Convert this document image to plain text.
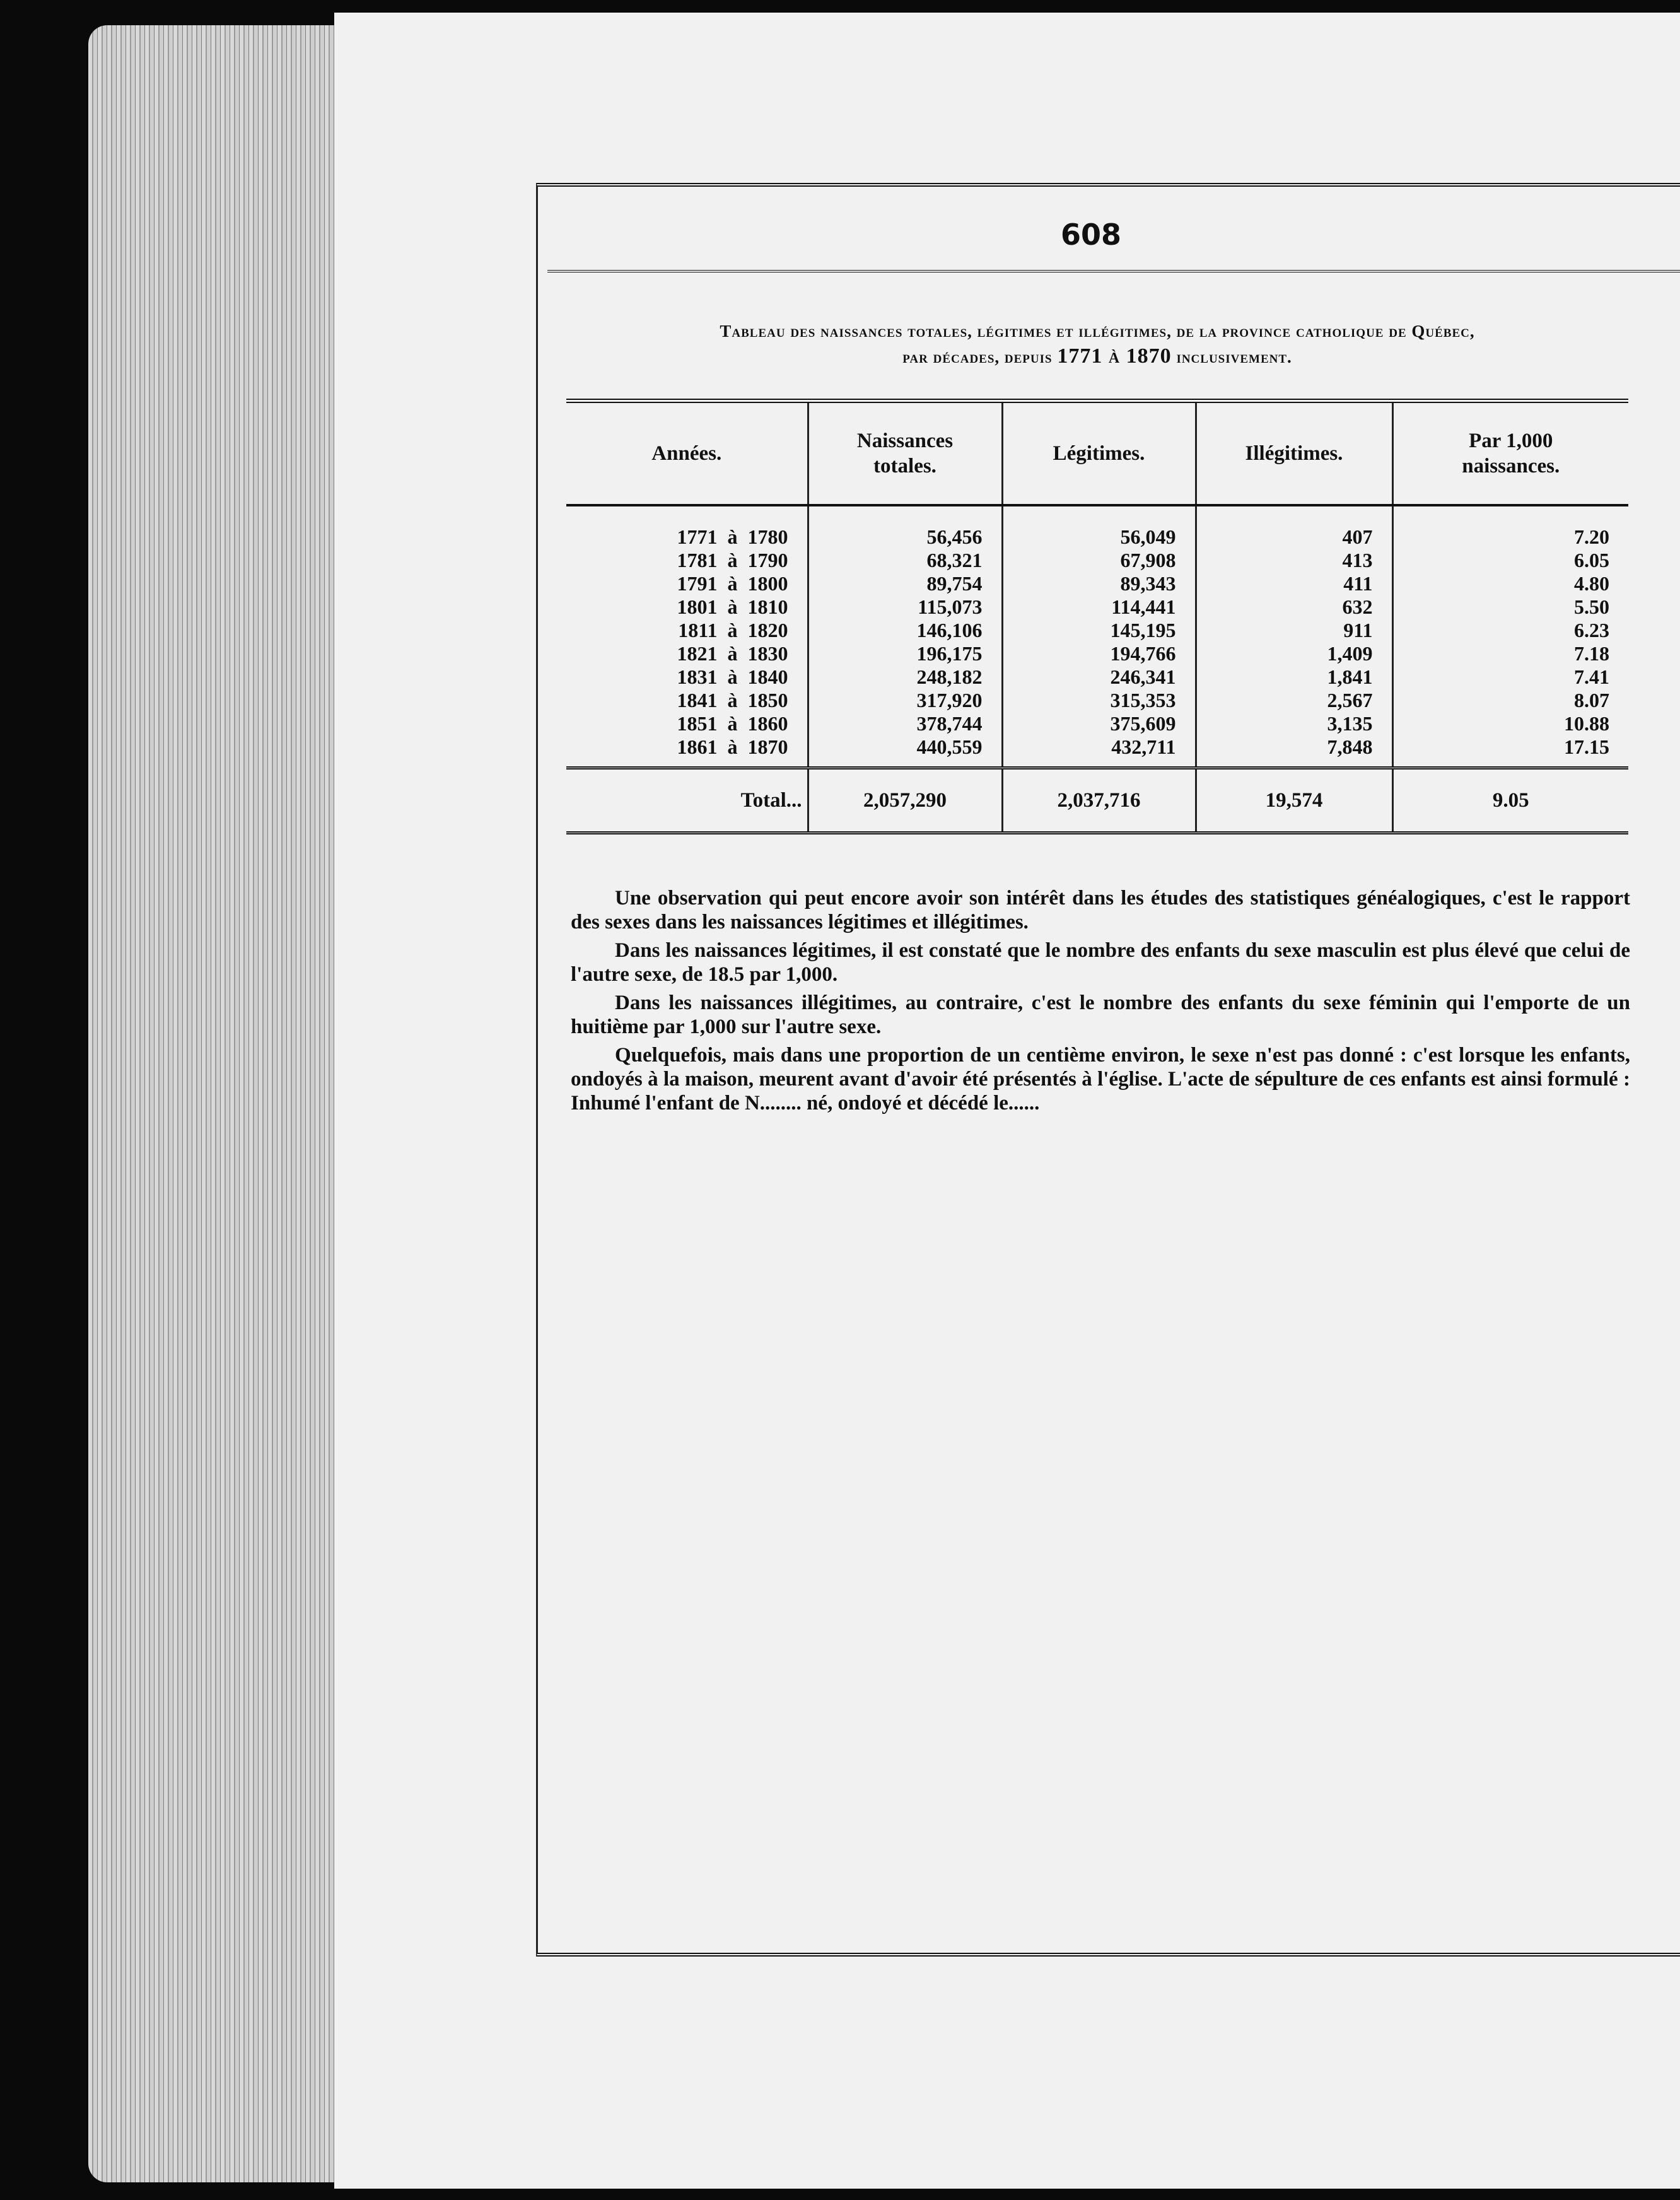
608
Tableau des naissances totales, légitimes et illégitimes, de la province catholique de Québec,
par décades, depuis 1771 à 1870 inclusivement.
Années.	Naissances totales.	Légitimes.	Illégitimes.	Par 1,000 naissances.
1771  à  1780	56,456	56,049	407	7.20
1781  à  1790	68,321	67,908	413	6.05
1791  à  1800	89,754	89,343	411	4.80
1801  à  1810	115,073	114,441	632	5.50
1811  à  1820	146,106	145,195	911	6.23
1821  à  1830	196,175	194,766	1,409	7.18
1831  à  1840	248,182	246,341	1,841	7.41
1841  à  1850	317,920	315,353	2,567	8.07
1851  à  1860	378,744	375,609	3,135	10.88
1861  à  1870	440,559	432,711	7,848	17.15
Total...	2,057,290	2,037,716	19,574	9.05

Une observation qui peut encore avoir son intérêt dans les études des statistiques généalogiques, c'est le rapport des sexes dans les naissances légitimes et illégitimes.

Dans les naissances légitimes, il est constaté que le nombre des enfants du sexe masculin est plus élevé que celui de l'autre sexe, de 18.5 par 1,000.

Dans les naissances illégitimes, au contraire, c'est le nombre des enfants du sexe féminin qui l'emporte de un huitième par 1,000 sur l'autre sexe.

Quelquefois, mais dans une proportion de un centième environ, le sexe n'est pas donné : c'est lorsque les enfants, ondoyés à la maison, meurent avant d'avoir été présentés à l'église. L'acte de sépulture de ces enfants est ainsi formulé : Inhumé l'enfant de N........ né, ondoyé et décédé le......
